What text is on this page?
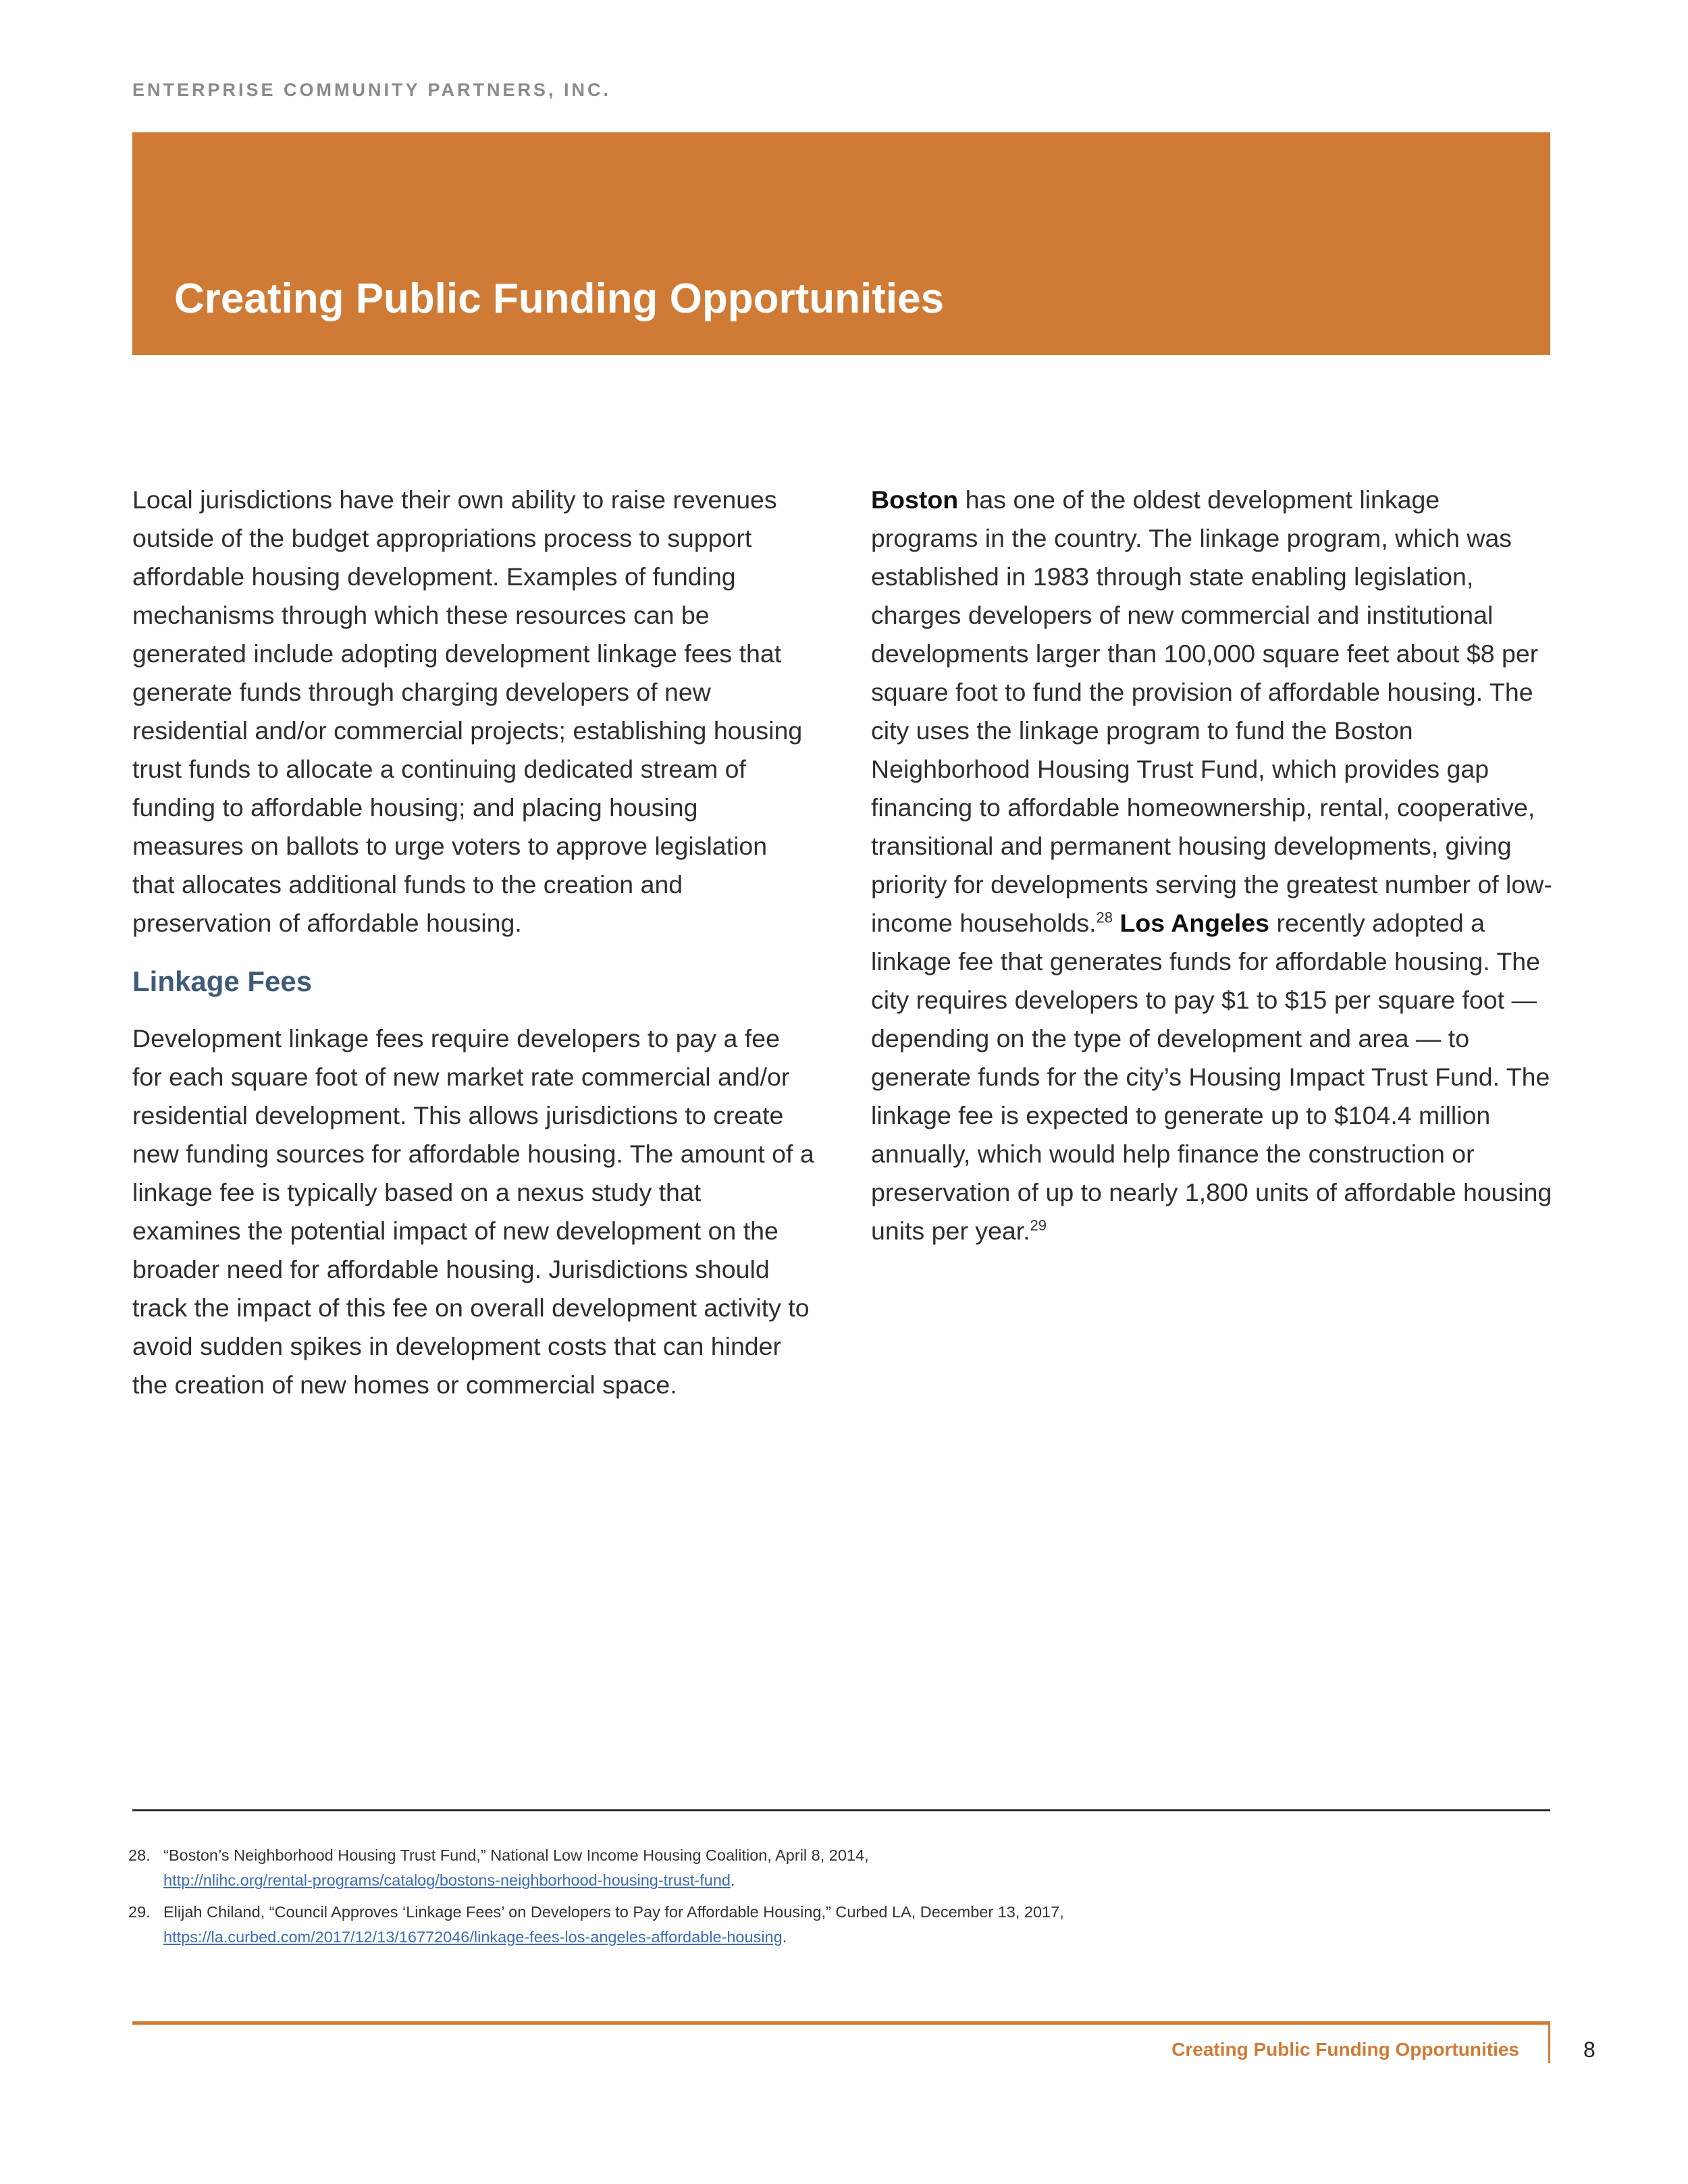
ENTERPRISE COMMUNITY PARTNERS, INC.
Creating Public Funding Opportunities

Local jurisdictions have their own ability to raise revenues outside of the budget appropriations process to support affordable housing development. Examples of funding mechanisms through which these resources can be generated include adopting development linkage fees that generate funds through charging developers of new residential and/or commercial projects; establishing housing trust funds to allocate a continuing dedicated stream of funding to affordable housing; and placing housing measures on ballots to urge voters to approve legislation that allocates additional funds to the creation and preservation of affordable housing.

Linkage Fees

Development linkage fees require developers to pay a fee for each square foot of new market rate commercial and/or residential development. This allows jurisdictions to create new funding sources for affordable housing. The amount of a linkage fee is typically based on a nexus study that examines the potential impact of new development on the broader need for affordable housing. Jurisdictions should track the impact of this fee on overall development activity to avoid sudden spikes in development costs that can hinder the creation of new homes or commercial space.

Boston has one of the oldest development linkage programs in the country. The linkage program, which was established in 1983 through state enabling legislation, charges developers of new commercial and institutional developments larger than 100,000 square feet about $8 per square foot to fund the provision of affordable housing. The city uses the linkage program to fund the Boston Neighborhood Housing Trust Fund, which provides gap financing to affordable homeownership, rental, cooperative, transitional and permanent housing developments, giving priority for developments serving the greatest number of low-income households.$^{28}$ Los Angeles recently adopted a linkage fee that generates funds for affordable housing. The city requires developers to pay $1 to $15 per square foot — depending on the type of development and area — to generate funds for the city’s Housing Impact Trust Fund. The linkage fee is expected to generate up to $104.4 million annually, which would help finance the construction or preservation of up to nearly 1,800 units of affordable housing units per year.$^{29}$

28. “Boston’s Neighborhood Housing Trust Fund,” National Low Income Housing Coalition, April 8, 2014,
http://nlihc.org/rental-programs/catalog/bostons-neighborhood-housing-trust-fund.
29. Elijah Chiland, “Council Approves ‘Linkage Fees’ on Developers to Pay for Affordable Housing,” Curbed LA, December 13, 2017,
https://la.curbed.com/2017/12/13/16772046/linkage-fees-los-angeles-affordable-housing.
Creating Public Funding Opportunities	8
